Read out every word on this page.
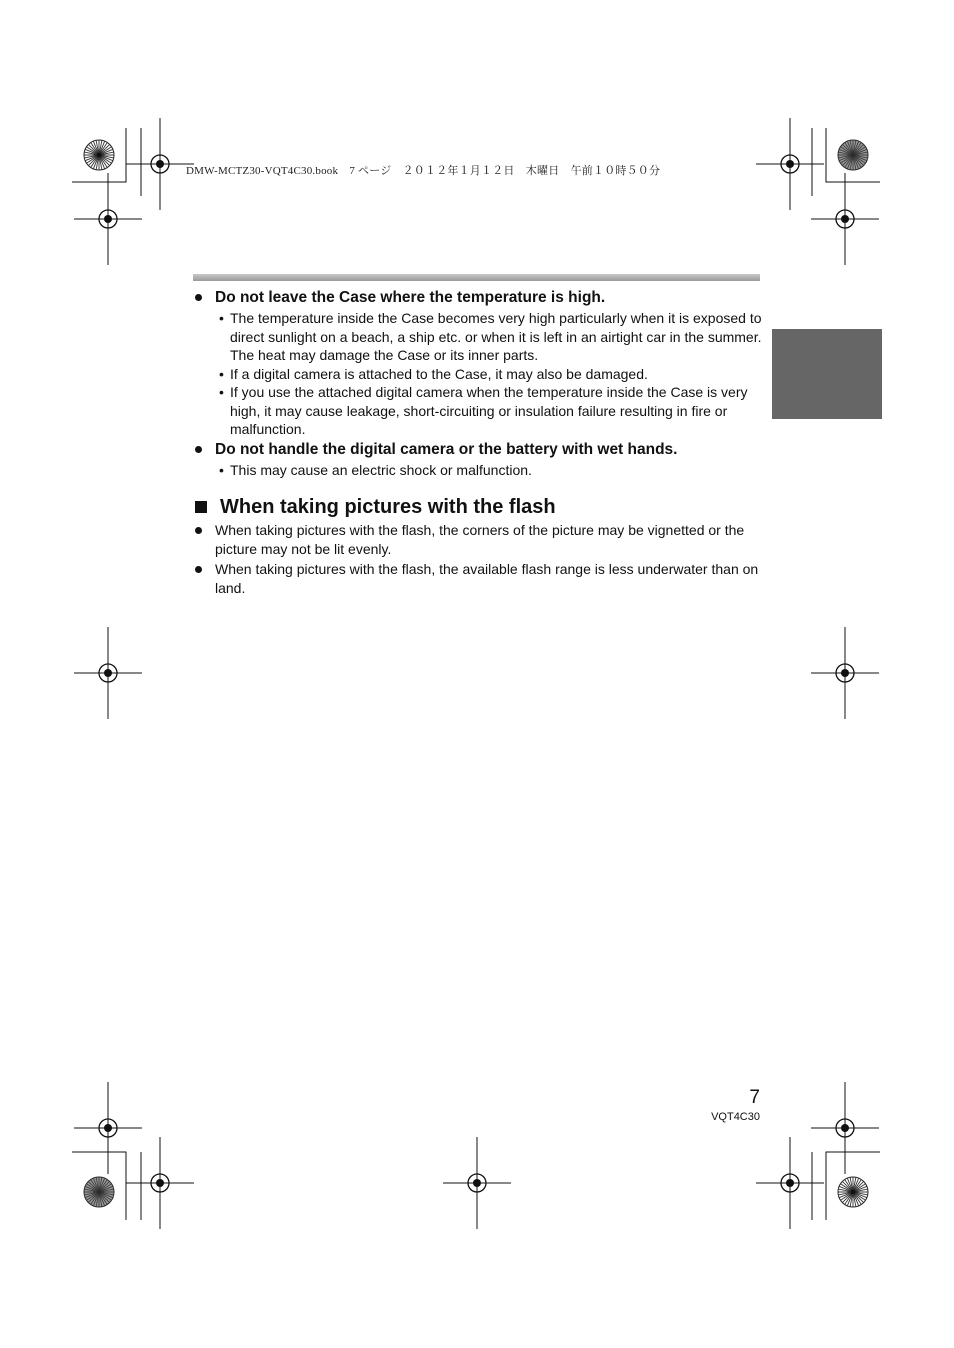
DMW-MCTZ30-VQT4C30.book　7 ページ　２０１２年１月１２日　木曜日　午前１０時５０分
Do not leave the Case where the temperature is high.
• The temperature inside the Case becomes very high particularly when it is exposed to direct sunlight on a beach, a ship etc. or when it is left in an airtight car in the summer. The heat may damage the Case or its inner parts.
• If a digital camera is attached to the Case, it may also be damaged.
• If you use the attached digital camera when the temperature inside the Case is very high, it may cause leakage, short-circuiting or insulation failure resulting in fire or malfunction.
Do not handle the digital camera or the battery with wet hands.
• This may cause an electric shock or malfunction.
When taking pictures with the flash
When taking pictures with the flash, the corners of the picture may be vignetted or the picture may not be lit evenly.
When taking pictures with the flash, the available flash range is less underwater than on land.
7
VQT4C30
